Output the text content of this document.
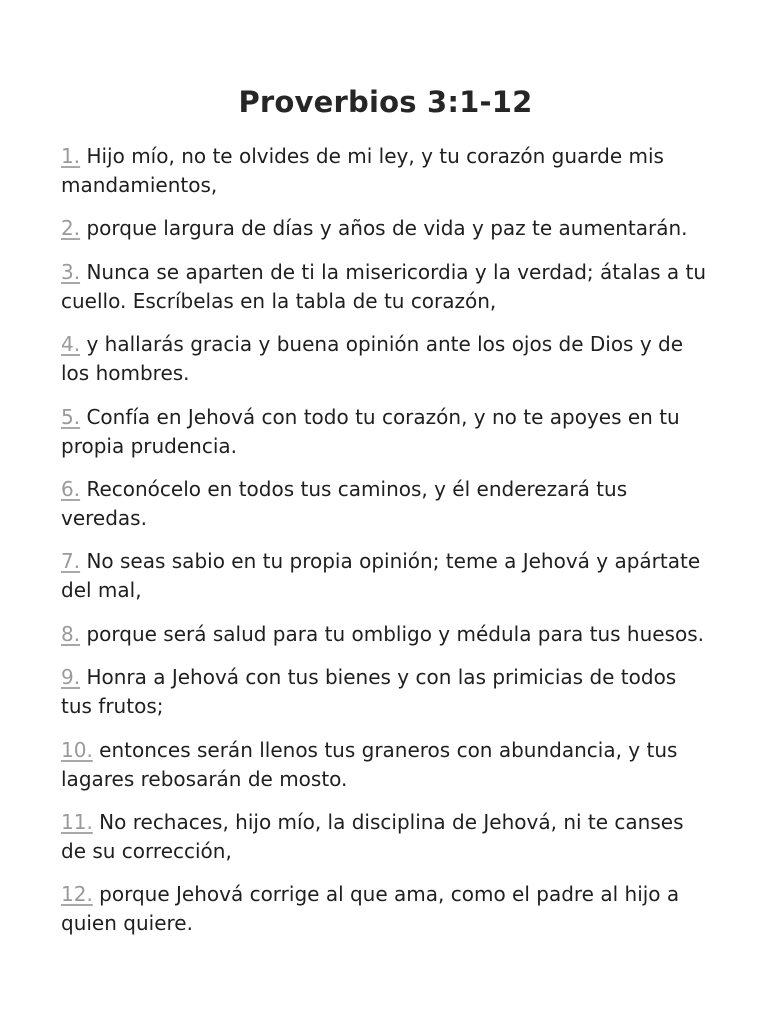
Proverbios 3:1-12
1. Hijo mío, no te olvides de mi ley, y tu corazón guarde mis mandamientos,
2. porque largura de días y años de vida y paz te aumentarán.
3. Nunca se aparten de ti la misericordia y la verdad; átalas a tu cuello. Escríbelas en la tabla de tu corazón,
4. y hallarás gracia y buena opinión ante los ojos de Dios y de los hombres.
5. Confía en Jehová con todo tu corazón, y no te apoyes en tu propia prudencia.
6. Reconócelo en todos tus caminos, y él enderezará tus veredas.
7. No seas sabio en tu propia opinión; teme a Jehová y apártate del mal,
8. porque será salud para tu ombligo y médula para tus huesos.
9. Honra a Jehová con tus bienes y con las primicias de todos tus frutos;
10. entonces serán llenos tus graneros con abundancia, y tus lagares rebosarán de mosto.
11. No rechaces, hijo mío, la disciplina de Jehová, ni te canses de su corrección,
12. porque Jehová corrige al que ama, como el padre al hijo a quien quiere.
